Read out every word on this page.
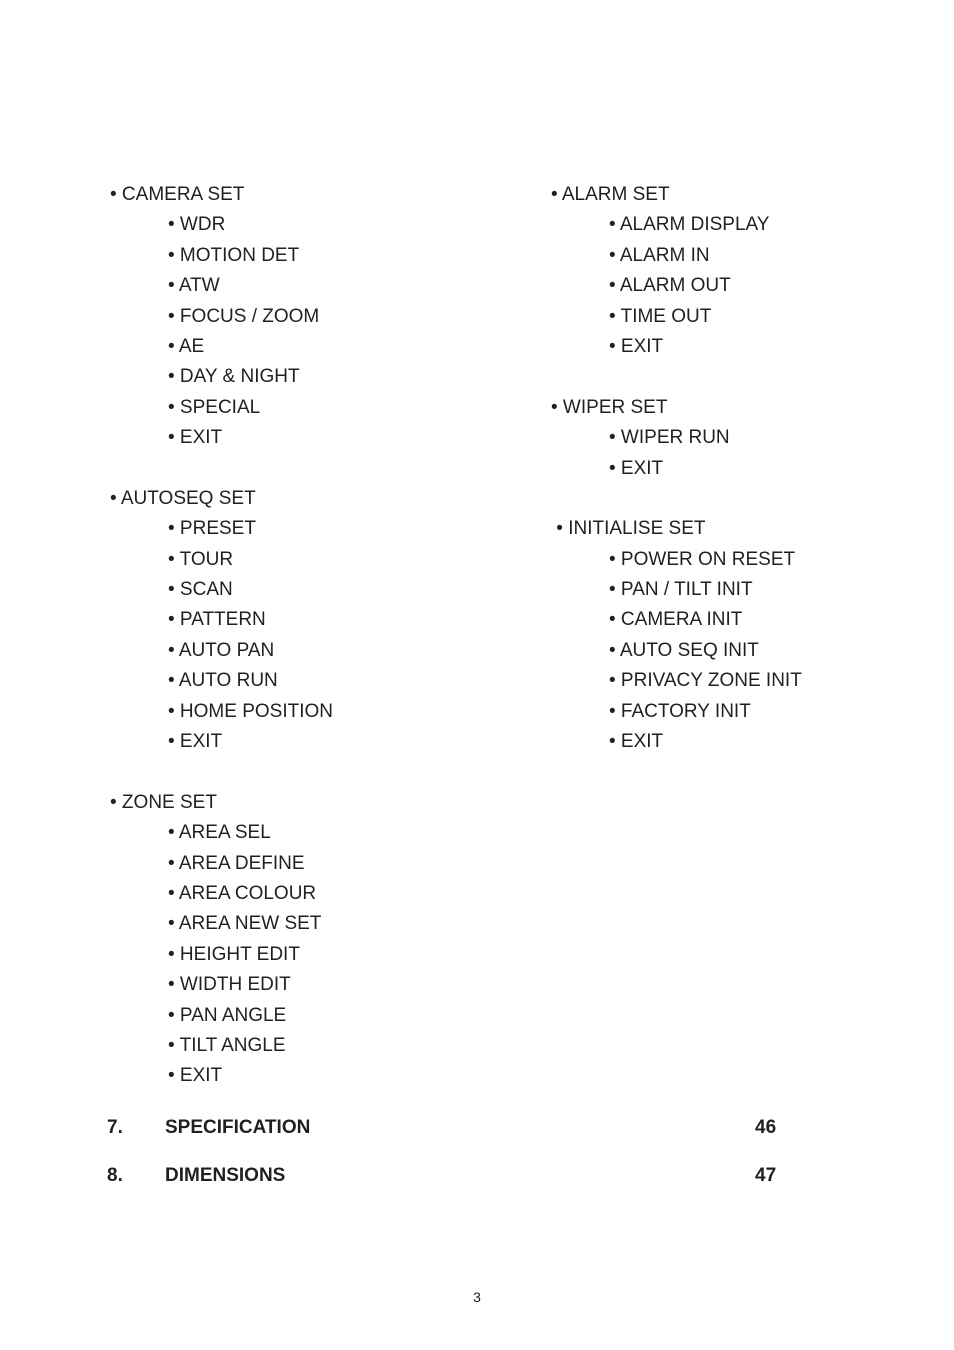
• CAMERA SET
• WDR
• MOTION DET
• ATW
• FOCUS / ZOOM
• AE
• DAY & NIGHT
• SPECIAL
• EXIT
• AUTOSEQ SET
• PRESET
• TOUR
• SCAN
• PATTERN
• AUTO PAN
• AUTO RUN
• HOME POSITION
• EXIT
• ZONE SET
• AREA SEL
• AREA DEFINE
• AREA COLOUR
• AREA NEW SET
• HEIGHT EDIT
• WIDTH EDIT
• PAN ANGLE
• TILT ANGLE
• EXIT
• ALARM SET
• ALARM DISPLAY
• ALARM IN
• ALARM OUT
• TIME OUT
• EXIT
• WIPER SET
• WIPER RUN
• EXIT
• INITIALISE SET
• POWER ON RESET
• PAN / TILT INIT
• CAMERA INIT
• AUTO SEQ INIT
• PRIVACY ZONE INIT
• FACTORY INIT
• EXIT
7. SPECIFICATION	46
8. DIMENSIONS	47
3
